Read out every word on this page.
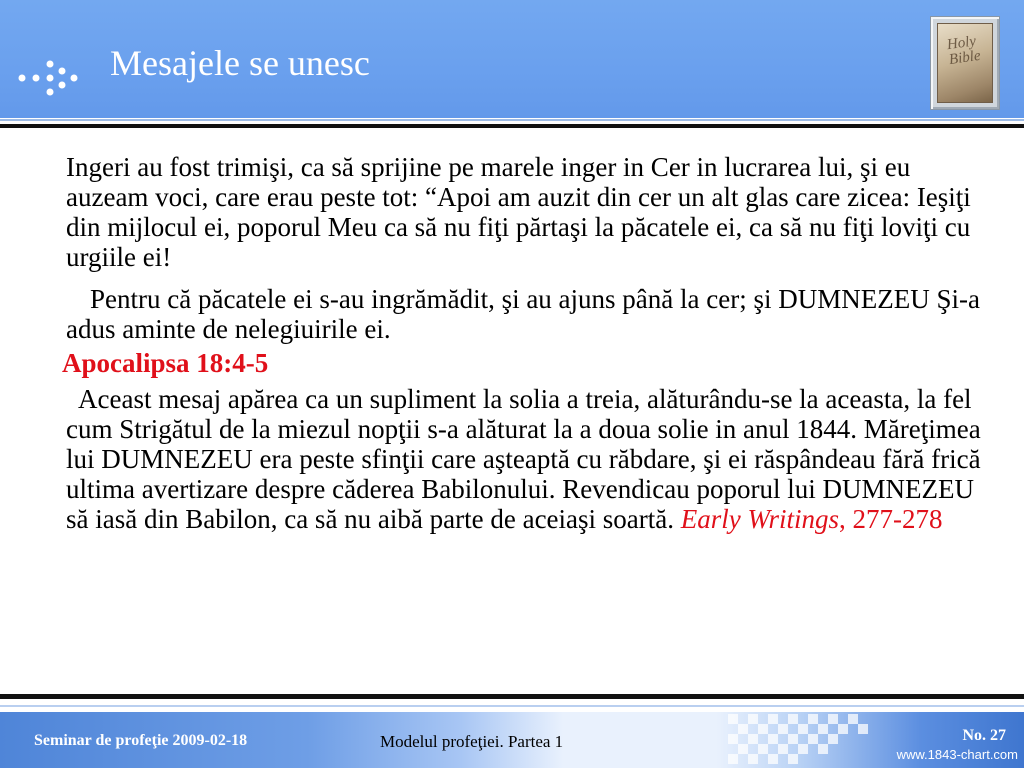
Mesajele se unesc	Holy
Bible

Ingeri au fost trimişi, ca să sprijine pe marele inger in Cer in lucrarea lui, şi eu auzeam voci, care erau peste tot: “Apoi am auzit din cer un alt glas care zicea: Ieşiţi din mijlocul ei, poporul Meu ca să nu fiţi părtaşi la păcatele ei, ca să nu fiţi loviţi cu urgiile ei!

Pentru că păcatele ei s-au ingrămădit, şi au ajuns până la cer; şi DUMNEZEU Şi-a adus aminte de nelegiuirile ei.

Apocalipsa 18:4-5

Aceast mesaj apărea ca un supliment la solia a treia, alăturându-se la aceasta, la fel cum Strigătul de la miezul nopţii s-a alăturat la a doua solie in anul 1844. Măreţimea lui DUMNEZEU era peste sfinţii care aşteaptă cu răbdare, şi ei răspândeau fără frică ultima avertizare despre căderea Babilonului. Revendicau poporul lui DUMNEZEU să iasă din Babilon, ca să nu aibă parte de aceiaşi soartă. Early Writings, 277-278

Seminar de profeţie 2009-02-18	Modelul profeţiei. Partea 1	No. 27
www.1843-chart.com
